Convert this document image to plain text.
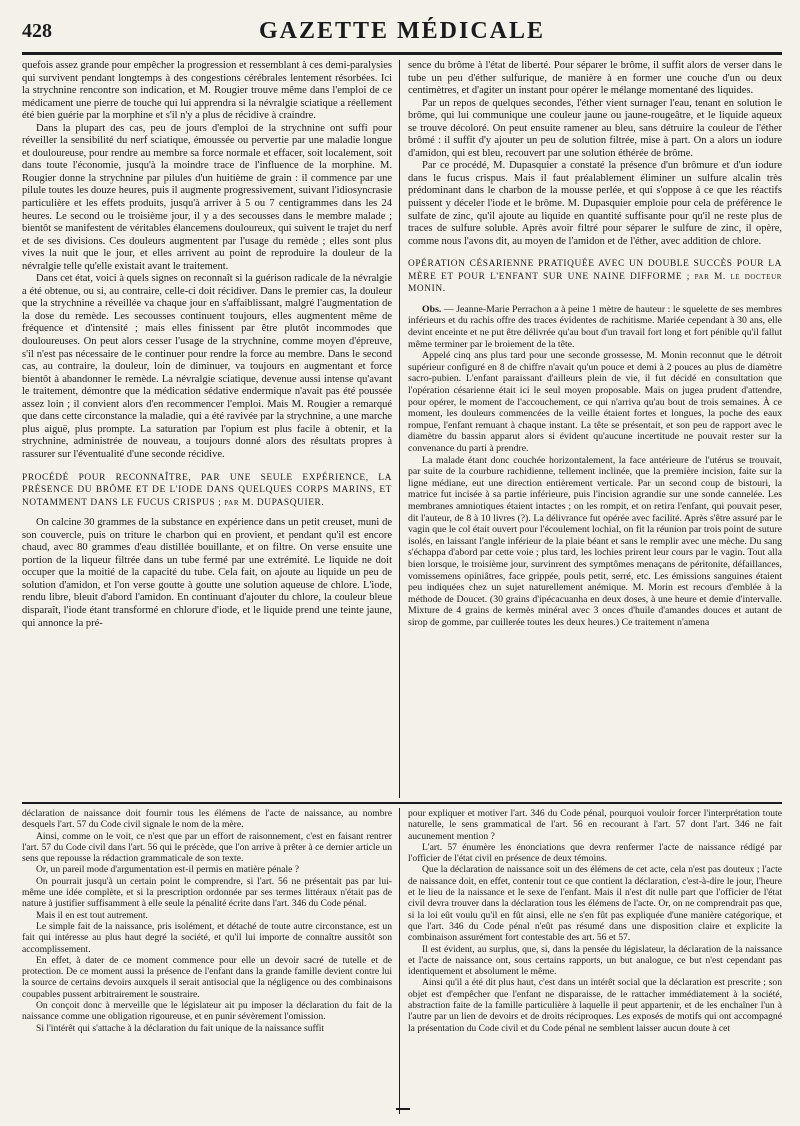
428	GAZETTE MÉDICALE

quefois assez grande pour empêcher la progression et ressemblant à ces demi-paralysies qui survivent pendant longtemps à des congestions cérébrales lentement résorbées. Ici la strychnine rencontre son indication, et M. Rougier trouve même dans l'emploi de ce médicament une pierre de touche qui lui apprendra si la névralgie sciatique a réellement été bien guérie par la morphine et s'il n'y a plus de récidive à craindre.

Dans la plupart des cas, peu de jours d'emploi de la strychnine ont suffi pour réveiller la sensibilité du nerf sciatique, émoussée ou pervertie par une maladie longue et douloureuse, pour rendre au membre sa force normale et effacer, soit localement, soit dans toute l'économie, jusqu'à la moindre trace de l'influence de la morphine. M. Rougier donne la strychnine par pilules d'un huitième de grain : il commence par une pilule toutes les douze heures, puis il augmente progressivement, suivant l'idiosyncrasie particulière et les effets produits, jusqu'à arriver à 5 ou 7 centigrammes dans les 24 heures. Le second ou le troisième jour, il y a des secousses dans le membre malade ; bientôt se manifestent de véritables élancemens douloureux, qui suivent le trajet du nerf et de ses divisions. Ces douleurs augmentent par l'usage du remède ; elles sont plus vives la nuit que le jour, et elles arrivent au point de reproduire la douleur de la névralgie telle qu'elle existait avant le traitement.

Dans cet état, voici à quels signes on reconnaît si la guérison radicale de la névralgie a été obtenue, ou si, au contraire, celle-ci doit récidiver. Dans le premier cas, la douleur que la strychnine a réveillée va chaque jour en s'affaiblissant, malgré l'augmentation de la dose du remède. Les secousses continuent toujours, elles augmentent même de fréquence et d'intensité ; mais elles finissent par être plutôt incommodes que douloureuses. On peut alors cesser l'usage de la strychnine, comme moyen d'épreuve, s'il n'est pas nécessaire de le continuer pour rendre la force au membre. Dans le second cas, au contraire, la douleur, loin de diminuer, va toujours en augmentant et force bientôt à abandonner le remède. La névralgie sciatique, devenue aussi intense qu'avant le traitement, démontre que la médication sédative endermique n'avait pas été poussée assez loin ; il convient alors d'en recommencer l'emploi. Mais M. Rougier a remarqué que dans cette circonstance la maladie, qui a été ravivée par la strychnine, a une marche plus aiguë, plus prompte. La saturation par l'opium est plus facile à obtenir, et la strychnine, administrée de nouveau, a toujours donné alors des résultats propres à rassurer sur l'éventualité d'une seconde récidive.

PROCÉDÉ POUR RECONNAÎTRE, PAR UNE SEULE EXPÉRIENCE, LA PRÉSENCE DU BRÔME ET DE L'IODE DANS QUELQUES CORPS MARINS, ET NOTAMMENT DANS LE FUCUS CRISPUS ; par M. DUPASQUIER.

On calcine 30 grammes de la substance en expérience dans un petit creuset, muni de son couvercle, puis on triture le charbon qui en provient, et pendant qu'il est encore chaud, avec 80 grammes d'eau distillée bouillante, et on filtre. On verse ensuite une portion de la liqueur filtrée dans un tube fermé par une extrémité. Le liquide ne doit occuper que la moitié de la capacité du tube. Cela fait, on ajoute au liquide un peu de solution d'amidon, et l'on verse goutte à goutte une solution aqueuse de chlore. L'iode, rendu libre, bleuit d'abord l'amidon. En continuant d'ajouter du chlore, la couleur bleue disparaît, l'iode étant transformé en chlorure d'iode, et le liquide prend une teinte jaune, qui annonce la pré-

sence du brôme à l'état de liberté. Pour séparer le brôme, il suffit alors de verser dans le tube un peu d'éther sulfurique, de manière à en former une couche d'un ou deux centimètres, et d'agiter un instant pour opérer le mélange momentané des liquides.

Par un repos de quelques secondes, l'éther vient surnager l'eau, tenant en solution le brôme, qui lui communique une couleur jaune ou jaune-rougeâtre, et le liquide aqueux se trouve décoloré. On peut ensuite ramener au bleu, sans détruire la couleur de l'éther brômé : il suffit d'y ajouter un peu de solution filtrée, mise à part. On a alors un iodure d'amidon, qui est bleu, recouvert par une solution éthérée de brôme.

Par ce procédé, M. Dupasquier a constaté la présence d'un brômure et d'un iodure dans le fucus crispus. Mais il faut préalablement éliminer un sulfure alcalin très prédominant dans le charbon de la mousse perlée, et qui s'oppose à ce que les réactifs puissent y déceler l'iode et le brôme. M. Dupasquier emploie pour cela de préférence le sulfate de zinc, qu'il ajoute au liquide en quantité suffisante pour qu'il ne reste plus de traces de sulfure soluble. Après avoir filtré pour séparer le sulfure de zinc, il opère, comme nous l'avons dit, au moyen de l'amidon et de l'éther, avec addition de chlore.

OPÉRATION CÉSARIENNE PRATIQUÉE AVEC UN DOUBLE SUCCÈS POUR LA MÈRE ET POUR L'ENFANT SUR UNE NAINE DIFFORME ; par M. le docteur MONIN.

Obs. — Jeanne-Marie Perrachon a à peine 1 mètre de hauteur : le squelette de ses membres inférieurs et du rachis offre des traces évidentes de rachitisme. Mariée cependant à 30 ans, elle devint enceinte et ne put être délivrée qu'au bout d'un travail fort long et fort pénible qu'il fallut même terminer par le broiement de la tête.

Appelé cinq ans plus tard pour une seconde grossesse, M. Monin reconnut que le détroit supérieur configuré en 8 de chiffre n'avait qu'un pouce et demi à 2 pouces au plus de diamètre sacro-pubien. L'enfant paraissant d'ailleurs plein de vie, il fut décidé en consultation que l'opération césarienne était ici le seul moyen proposable. Mais on jugea prudent d'attendre, pour opérer, le moment de l'accouchement, ce qui n'arriva qu'au bout de trois semaines. À ce moment, les douleurs commencées de la veille étaient fortes et longues, la poche des eaux rompue, l'enfant remuant à chaque instant. La tête se présentait, et son peu de rapport avec le diamètre du bassin apparut alors si évident qu'aucune incertitude ne pouvait rester sur la convenance du parti à prendre.

La malade étant donc couchée horizontalement, la face antérieure de l'utérus se trouvait, par suite de la courbure rachidienne, tellement inclinée, que la première incision, faite sur la ligne médiane, eut une direction entièrement verticale. Par un second coup de bistouri, la matrice fut incisée à sa partie inférieure, puis l'incision agrandie sur une sonde cannelée. Les membranes amniotiques étaient intactes ; on les rompit, et on retira l'enfant, qui pouvait peser, dit l'auteur, de 8 à 10 livres (?). La délivrance fut opérée avec facilité. Après s'être assuré par le vagin que le col était ouvert pour l'écoulement lochial, on fit la réunion par trois point de suture isolés, en laissant l'angle inférieur de la plaie béant et sans le remplir avec une mèche. Du sang s'échappa d'abord par cette voie ; plus tard, les lochies prirent leur cours par le vagin. Tout alla bien lorsque, le troisième jour, survinrent des symptômes menaçans de péritonite, défaillances, vomissemens opiniâtres, face grippée, pouls petit, serré, etc. Les émissions sanguines étaient peu indiquées chez un sujet naturellement anémique. M. Morin est recours d'emblée à la méthode de Doucet. (30 grains d'ipécacuanha en deux doses, à une heure et demie d'intervalle. Mixture de 4 grains de kermès minéral avec 3 onces d'huile d'amandes douces et autant de sirop de gomme, par cuillerée toutes les deux heures.) Ce traitement n'amena

déclaration de naissance doit fournir tous les élémens de l'acte de naissance, au nombre desquels l'art. 57 du Code civil signale le nom de la mère.

Ainsi, comme on le voit, ce n'est que par un effort de raisonnement, c'est en faisant rentrer l'art. 57 du Code civil dans l'art. 56 qui le précède, que l'on arrive à prêter à ce dernier article un sens que repousse la rédaction grammaticale de son texte.

Or, un pareil mode d'argumentation est-il permis en matière pénale ?

On pourrait jusqu'à un certain point le comprendre, si l'art. 56 ne présentait pas par lui-même une idée complète, et si la prescription ordonnée par ses termes littéraux n'était pas de nature à justifier suffisamment à elle seule la pénalité écrite dans l'art. 346 du Code pénal.

Mais il en est tout autrement.

Le simple fait de la naissance, pris isolément, et détaché de toute autre circonstance, est un fait qui intéresse au plus haut degré la société, et qu'il lui importe de connaître aussitôt son accomplissement.

En effet, à dater de ce moment commence pour elle un devoir sacré de tutelle et de protection. De ce moment aussi la présence de l'enfant dans la grande famille devient contre lui la source de certains devoirs auxquels il serait antisocial que la négligence ou des combinaisons coupables pussent arbitrairement le soustraire.

On conçoit donc à merveille que le législateur ait pu imposer la déclaration du fait de la naissance comme une obligation rigoureuse, et en punir sévèrement l'omission.

Si l'intérêt qui s'attache à la déclaration du fait unique de la naissance suffit

pour expliquer et motiver l'art. 346 du Code pénal, pourquoi vouloir forcer l'interprétation toute naturelle, le sens grammatical de l'art. 56 en recourant à l'art. 57 dont l'art. 346 ne fait aucunement mention ?

L'art. 57 énumère les énonciations que devra renfermer l'acte de naissance rédigé par l'officier de l'état civil en présence de deux témoins.

Que la déclaration de naissance soit un des élémens de cet acte, cela n'est pas douteux ; l'acte de naissance doit, en effet, contenir tout ce que contient la déclaration, c'est-à-dire le jour, l'heure et le lieu de la naissance et le sexe de l'enfant. Mais il n'est dit nulle part que l'officier de l'état civil devra trouver dans la déclaration tous les élémens de l'acte. Or, on ne comprendrait pas que, si la loi eût voulu qu'il en fût ainsi, elle ne s'en fût pas expliquée d'une manière catégorique, et que l'art. 346 du Code pénal n'eût pas résumé dans une disposition claire et explicite la combinaison assurément fort contestable des art. 56 et 57.

Il est évident, au surplus, que, si, dans la pensée du législateur, la déclaration de la naissance et l'acte de naissance ont, sous certains rapports, un but analogue, ce but n'est cependant pas identiquement et absolument le même.

Ainsi qu'il a été dit plus haut, c'est dans un intérêt social que la déclaration est prescrite ; son objet est d'empêcher que l'enfant ne disparaisse, de le rattacher immédiatement à la société, abstraction faite de la famille particulière à laquelle il peut appartenir, et de les enchaîner l'un à l'autre par un lien de devoirs et de droits réciproques. Les exposés de motifs qui ont accompagné la présentation du Code civil et du Code pénal ne semblent laisser aucun doute à cet
